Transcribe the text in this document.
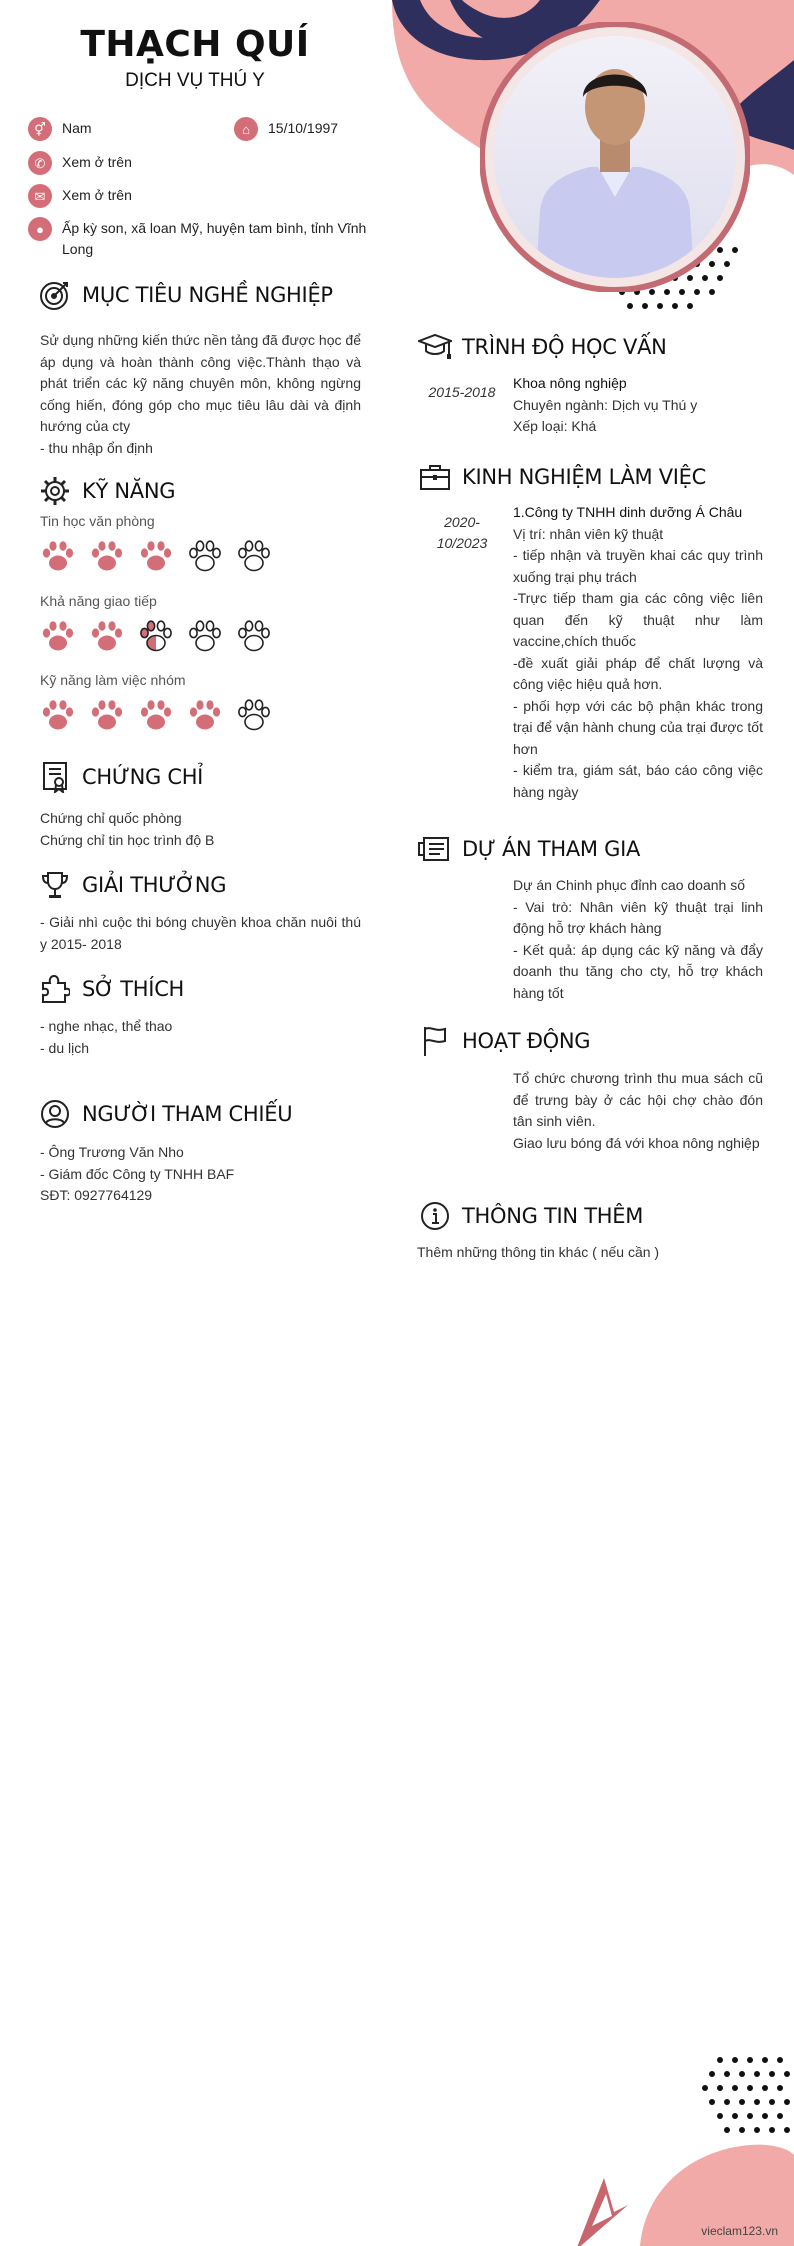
THẠCH QUÍ
DỊCH VỤ THÚ Y
⚥	Nam	⌂	15/10/1997
✆	Xem ở trên
✉	Xem ở trên
●	Ấp kỳ son, xã loan Mỹ, huyện tam bình, tỉnh Vĩnh Long
MỤC TIÊU NGHỀ NGHIỆP
Sử dụng những kiến thức nền tảng đã được học để áp dụng và hoàn thành công việc.Thành thạo và phát triển các kỹ năng chuyên môn, không ngừng cống hiến, đóng góp cho mục tiêu lâu dài và định hướng của cty
- thu nhập ổn định
KỸ NĂNG
Tin học văn phòng
Khả năng giao tiếp
Kỹ năng làm việc nhóm
CHỨNG CHỈ
Chứng chỉ quốc phòng
Chứng chỉ tin học trình độ B
GIẢI THƯỞNG
- Giải nhì cuộc thi bóng chuyền khoa chăn nuôi thú y 2015- 2018
SỞ THÍCH
- nghe nhạc, thể thao
- du lịch
NGƯỜI THAM CHIẾU
- Ông Trương Văn Nho
- Giám đốc Công ty TNHH BAF
SĐT: 0927764129
TRÌNH ĐỘ HỌC VẤN
2015-2018
Khoa nông nghiệp
Chuyên ngành: Dịch vụ Thú y
Xếp loại: Khá
KINH NGHIỆM LÀM VIỆC
2020-
10/2023
1.Công ty TNHH dinh dưỡng Á Châu
Vị trí: nhân viên kỹ thuật
- tiếp nhận và truyền khai các quy trình xuống trại phụ trách
-Trực tiếp tham gia các công việc liên quan đến kỹ thuật như làm vaccine,chích thuốc
-đề xuất giải pháp để chất lượng và công việc hiệu quả hơn.
- phối hợp với các bộ phận khác trong trại để vận hành chung của trại được tốt hơn
- kiểm tra, giám sát, báo cáo công việc hàng ngày
DỰ ÁN THAM GIA
Dự án Chinh phục đỉnh cao doanh số
- Vai trò: Nhân viên kỹ thuật trại linh động hỗ trợ khách hàng
- Kết quả: áp dụng các kỹ năng và đẩy doanh thu tăng cho cty, hỗ trợ khách hàng tốt
HOẠT ĐỘNG
Tổ chức chương trình thu mua sách cũ để trưng bày ở các hội chợ chào đón tân sinh viên.
Giao lưu bóng đá với khoa nông nghiệp
THÔNG TIN THÊM
Thêm những thông tin khác ( nếu cần )
vieclam123.vn
